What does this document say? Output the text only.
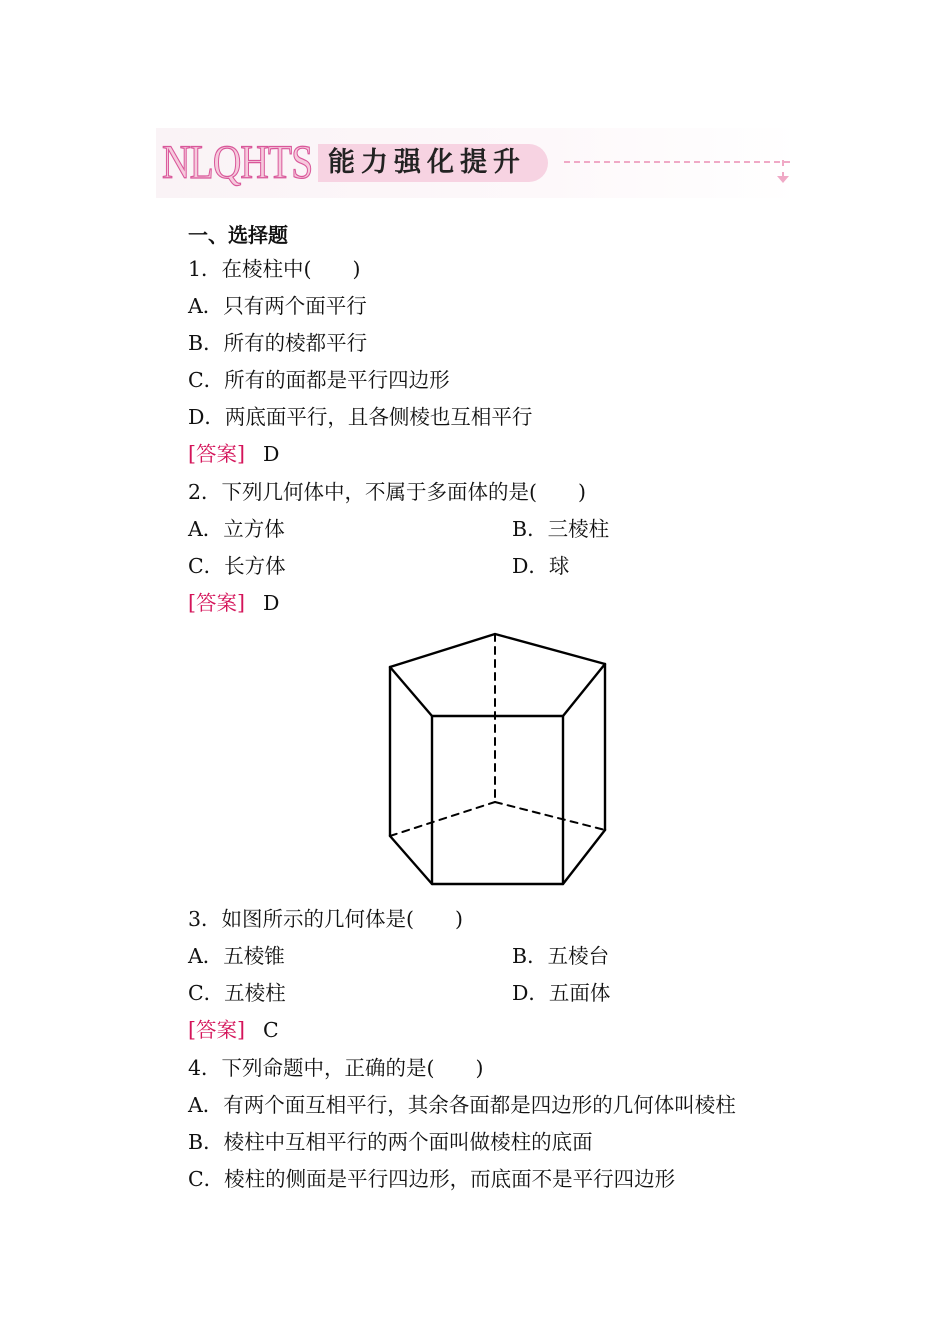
NLQHTS 能力强化提升
一、选择题
1．在棱柱中(　　)
A．只有两个面平行
B．所有的棱都平行
C．所有的面都是平行四边形
D．两底面平行，且各侧棱也互相平行
[答案] D
2．下列几何体中，不属于多面体的是(　　)
A．立方体	B．三棱柱
C．长方体	D．球
[答案] D
3．如图所示的几何体是(　　)
A．五棱锥	B．五棱台
C．五棱柱	D．五面体
[答案] C
4．下列命题中，正确的是(　　)
A．有两个面互相平行，其余各面都是四边形的几何体叫棱柱
B．棱柱中互相平行的两个面叫做棱柱的底面
C．棱柱的侧面是平行四边形，而底面不是平行四边形
